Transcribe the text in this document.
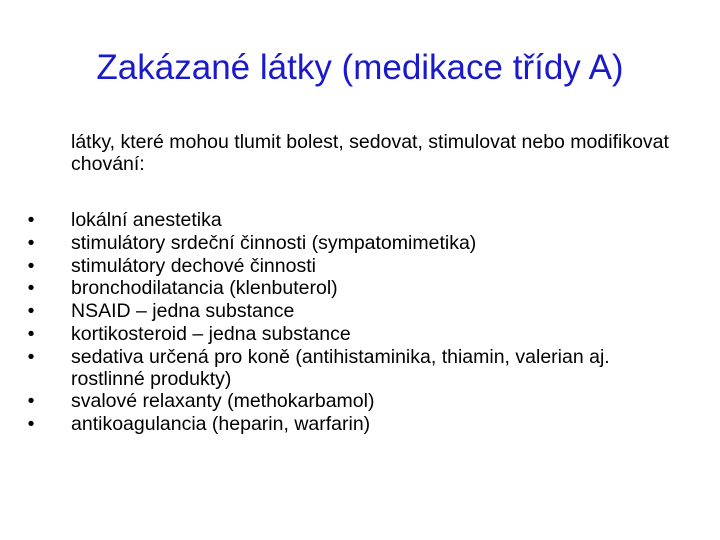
Zakázané látky (medikace třídy A)
látky, které mohou tlumit bolest, sedovat, stimulovat nebo modifikovat chování:
• lokální anestetika
• stimulátory srdeční činnosti (sympatomimetika)
• stimulátory dechové činnosti
• bronchodilatancia (klenbuterol)
• NSAID – jedna substance
• kortikosteroid – jedna substance
• sedativa určená pro koně (antihistaminika, thiamin, valerian aj. rostlinné produkty)
• svalové relaxanty (methokarbamol)
• antikoagulancia (heparin, warfarin)
